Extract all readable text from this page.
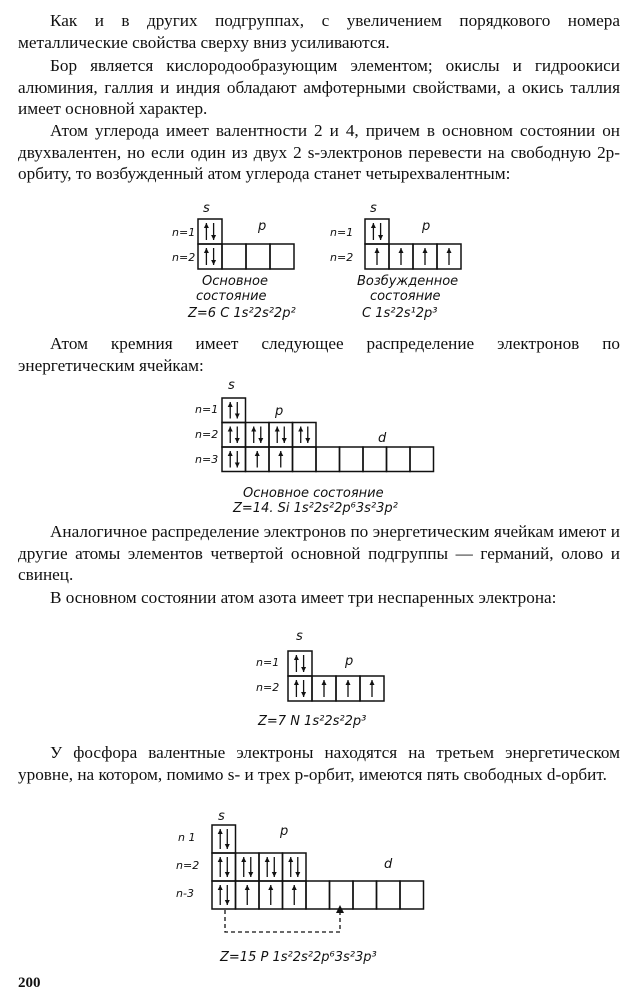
Как и в других подгруппах, с увеличением порядкового номера металлические свойства сверху вниз усиливаются.
Бор является кислородообразующим элементом; окислы и гидроокиси алюминия, галлия и индия обладают амфотерными свойствами, а окись таллия имеет основной характер.
Атом углерода имеет валентности 2 и 4, причем в основном состоянии он двухвалентен, но если один из двух 2 s-электронов перевести на свободную 2p-орбиту, то возбужденный атом углерода станет четырехвалентным:
Атом кремния имеет следующее распределение электронов по энергетическим ячейкам:
Аналогичное распределение электронов по энергетическим ячейкам имеют и другие атомы элементов четвертой основной подгруппы — германий, олово и свинец.
В основном состоянии атом азота имеет три неспаренных электрона:
У фосфора валентные электроны находятся на третьем энергетическом уровне, на котором, помимо s- и трех p-орбит, имеются пять свободных d-орбит.
s
p
n=1
n=2
Основное
состояние
Z=6 C 1s²2s²2p²
s
p
n=1
n=2
Возбужденное
состояние
C 1s²2s¹2p³
s
p
d
n=1
n=2
n=3
Основное состояние
Z=14. Si 1s²2s²2p⁶3s²3p²
s
p
n=1
n=2
Z=7 N 1s²2s²2p³
s
p
d
n 1
n=2
n-3
Z=15 P 1s²2s²2p⁶3s²3p³
200
